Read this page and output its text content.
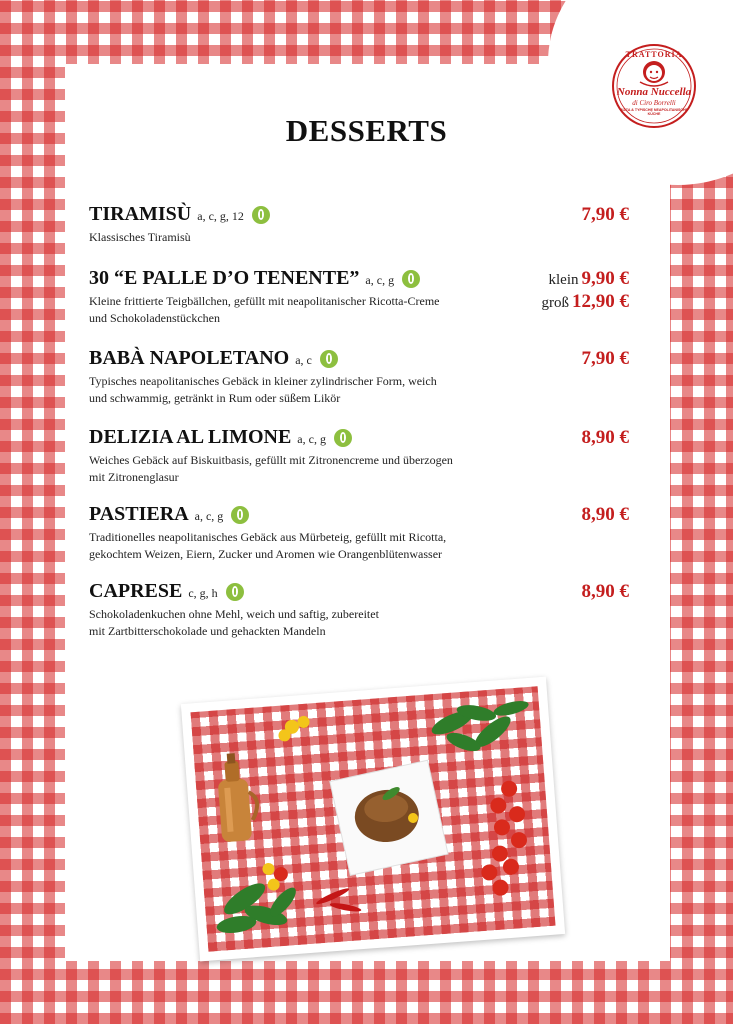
TRATTORIA
Nonna Nuccella
di Ciro Borrelli
PIZZA & TYPISCHE NEAPOLITANISCHE KÜCHE
DESSERTS
TIRAMISÙ a, c, g, 12
Klassisches Tiramisù
7,90 €
30 “E PALLE D’O TENENTE” a, c, g
Kleine frittierte Teigbällchen, gefüllt mit neapolitanischer Ricotta-Creme
und Schokoladenstückchen
klein 9,90 €
groß 12,90 €
BABÀ NAPOLETANO a, c
Typisches neapolitanisches Gebäck in kleiner zylindrischer Form, weich
und schwammig, getränkt in Rum oder süßem Likör
7,90 €
DELIZIA AL LIMONE a, c, g
Weiches Gebäck auf Biskuitbasis, gefüllt mit Zitronencreme und überzogen
mit Zitronenglasur
8,90 €
PASTIERA a, c, g
Traditionelles neapolitanisches Gebäck aus Mürbeteig, gefüllt mit Ricotta,
gekochtem Weizen, Eiern, Zucker und Aromen wie Orangenblütenwasser
8,90 €
CAPRESE c, g, h
Schokoladenkuchen ohne Mehl, weich und saftig, zubereitet
mit Zartbitterschokolade und gehackten Mandeln
8,90 €
